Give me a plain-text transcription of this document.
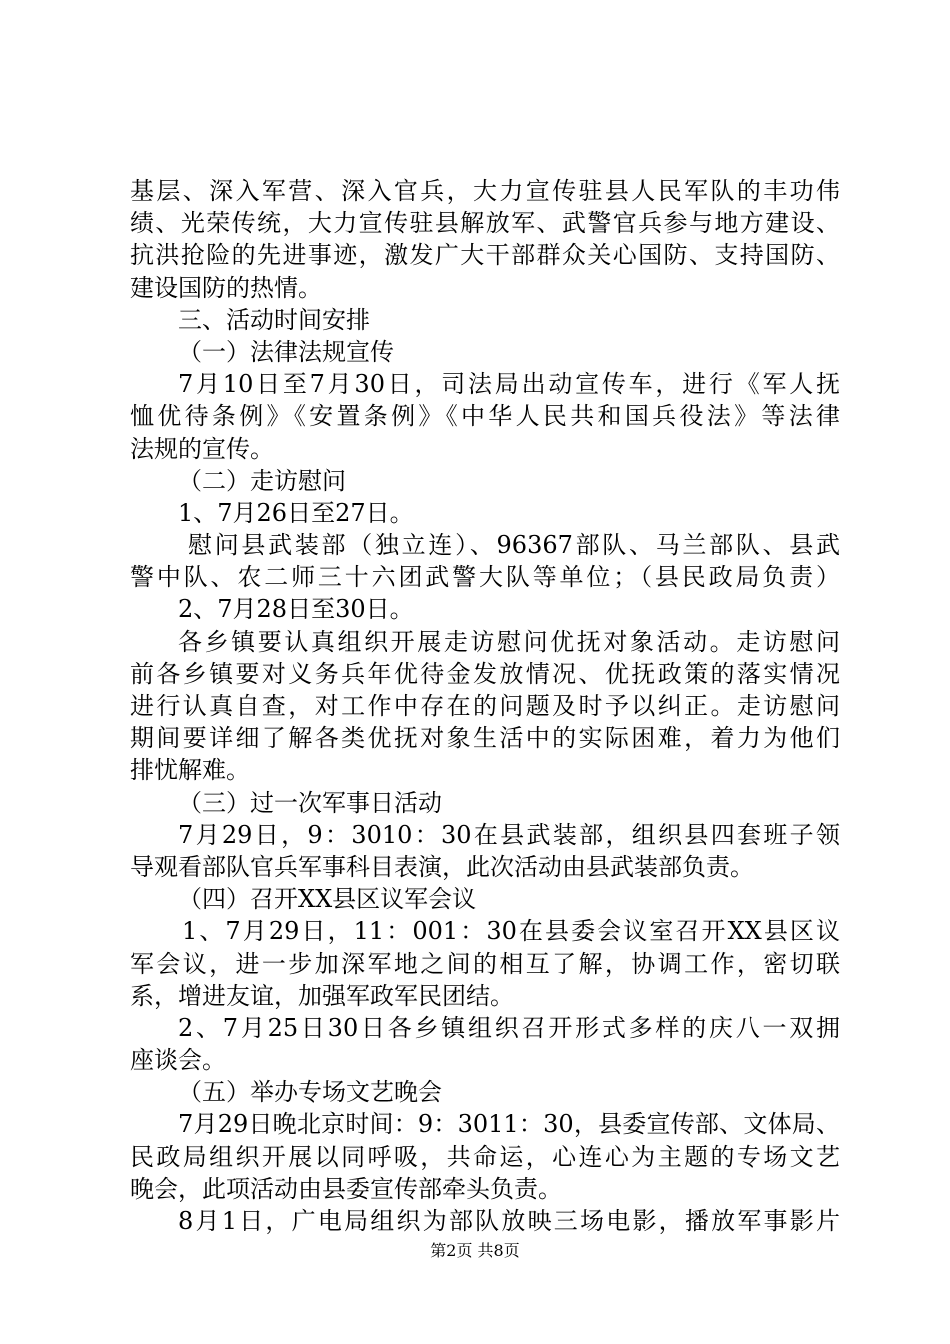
基层、深入军营、深入官兵，大力宣传驻县人民军队的丰功伟
绩、光荣传统，大力宣传驻县解放军、武警官兵参与地方建设、
抗洪抢险的先进事迹，激发广大干部群众关心国防、支持国防、
建设国防的热情。
三、活动时间安排
（一）法律法规宣传
7月10日至7月30日，司法局出动宣传车，进行《军人抚
恤优待条例》《安置条例》《中华人民共和国兵役法》等法律
法规的宣传。
（二）走访慰问
1、7月26日至27日。
慰问县武装部（独立连）、96367部队、马兰部队、县武
警中队、农二师三十六团武警大队等单位；（县民政局负责）
2、7月28日至30日。
各乡镇要认真组织开展走访慰问优抚对象活动。走访慰问
前各乡镇要对义务兵年优待金发放情况、优抚政策的落实情况
进行认真自查，对工作中存在的问题及时予以纠正。走访慰问
期间要详细了解各类优抚对象生活中的实际困难，着力为他们
排忧解难。
（三）过一次军事日活动
7月29日，9：3010：30在县武装部，组织县四套班子领
导观看部队官兵军事科目表演，此次活动由县武装部负责。
（四）召开XX县区议军会议
1、7月29日，11：001：30在县委会议室召开XX县区议
军会议，进一步加深军地之间的相互了解，协调工作，密切联
系，增进友谊，加强军政军民团结。
2、7月25日30日各乡镇组织召开形式多样的庆八一双拥
座谈会。
（五）举办专场文艺晚会
7月29日晚北京时间：9：3011：30，县委宣传部、文体局、
民政局组织开展以同呼吸，共命运，心连心为主题的专场文艺
晚会，此项活动由县委宣传部牵头负责。
8月1日，广电局组织为部队放映三场电影，播放军事影片
第2页 共8页
